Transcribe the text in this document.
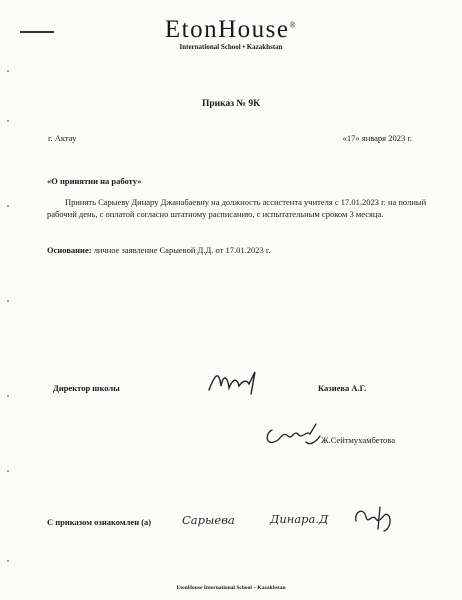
EtonHouse®
International School • Kazakhstan
Приказ № 9К
г. Актау	«17» января 2023 г.
«О принятии на работу»
Принять Сарыеву Динару Джанабаевну на должность ассистента учителя с 17.01.2023 г. на полный рабочий день, с оплатой согласно штатному расписанию, с испытательным сроком 3 месяца.
Основание: личное заявление Сарыевой Д.Д. от 17.01.2023 г.
Директор школы	Казиева А.Г.
Ж.Сейтмухамбетова
С приказом ознакомлен (а)	Сарыева	Динара.Д
EtonHouse International School – Kazakhstan
